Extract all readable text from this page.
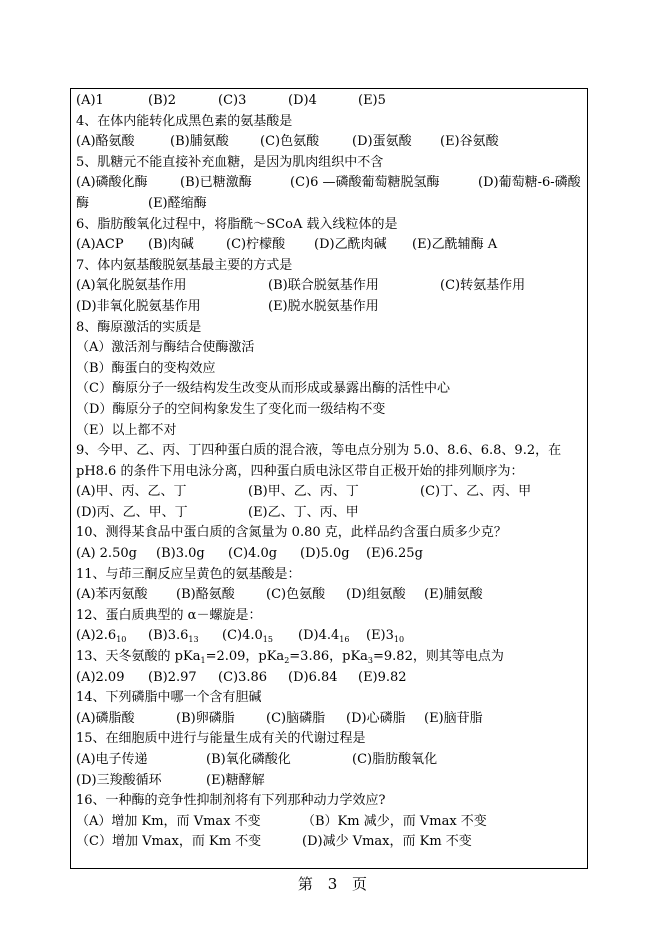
(A)1	(B)2	(C)3	(D)4	(E)5
4、在体内能转化成黑色素的氨基酸是
(A)酪氨酸	(B)脯氨酸 (C)色氨酸	(D)蛋氨酸 (E)谷氨酸
5、肌糖元不能直接补充血糖，是因为肌肉组织中不含
(A)磷酸化酶 (B)已糖激酶	(C)6 —磷酸葡萄糖脱氢酶	(D)葡萄糖-6-磷酸
酶	(E)醛缩酶
6、脂肪酸氧化过程中，将脂酰～SCoA 载入线粒体的是
(A)ACP (B)肉碱 (C)柠檬酸 (D)乙酰肉碱 (E)乙酰辅酶 A
7、体内氨基酸脱氨基最主要的方式是
(A)氧化脱氨基作用	(B)联合脱氨基作用	(C)转氨基作用
(D)非氧化脱氨基作用	(E)脱水脱氨基作用
8、酶原激活的实质是
（A）激活剂与酶结合使酶激活
（B）酶蛋白的变构效应
（C）酶原分子一级结构发生改变从而形成或暴露出酶的活性中心
（D）酶原分子的空间构象发生了变化而一级结构不变
（E）以上都不对
9、今甲、乙、丙、丁四种蛋白质的混合液，等电点分别为 5.0、8.6、6.8、9.2，在
pH8.6 的条件下用电泳分离，四种蛋白质电泳区带自正极开始的排列顺序为：
(A)甲、丙、乙、丁	(B)甲、乙、丙、丁	(C)丁、乙、丙、甲
(D)丙、乙、甲、丁	(E)乙、丁、丙、甲
10、测得某食品中蛋白质的含氮量为 0.80 克，此样品约含蛋白质多少克？
(A) 2.50g (B)3.0g (C)4.0g (D)5.0g (E)6.25g
11、与茚三酮反应呈黄色的氨基酸是：
(A)苯丙氨酸 (B)酪氨酸 (C)色氨酸 (D)组氨酸 (E)脯氨酸
12、蛋白质典型的 α－螺旋是：
$(A)2.6_{10}$ $(B)3.6_{13}$ $(C)4.0_{15}$ $(D)4.4_{16}$ $(E)3_{10}$
13、天冬氨酸的 pKa$_1$=2.09，pKa$_2$=3.86，pKa$_3$=9.82，则其等电点为
(A)2.09 (B)2.97 (C)3.86 (D)6.84 (E)9.82
14、下列磷脂中哪一个含有胆碱
(A)磷脂酸	(B)卵磷脂 (C)脑磷脂 (D)心磷脂 (E)脑苷脂
15、在细胞质中进行与能量生成有关的代谢过程是
(A)电子传递	(B)氧化磷酸化	(C)脂肪酸氧化
(D)三羧酸循环	(E)糖酵解
16、一种酶的竞争性抑制剂将有下列那种动力学效应?
（A）增加 Km，而 Vmax 不变	（B）Km 减少，而 Vmax 不变
（C）增加 Vmax，而 Km 不变	(D)减少 Vmax，而 Km 不变
第 3 页
